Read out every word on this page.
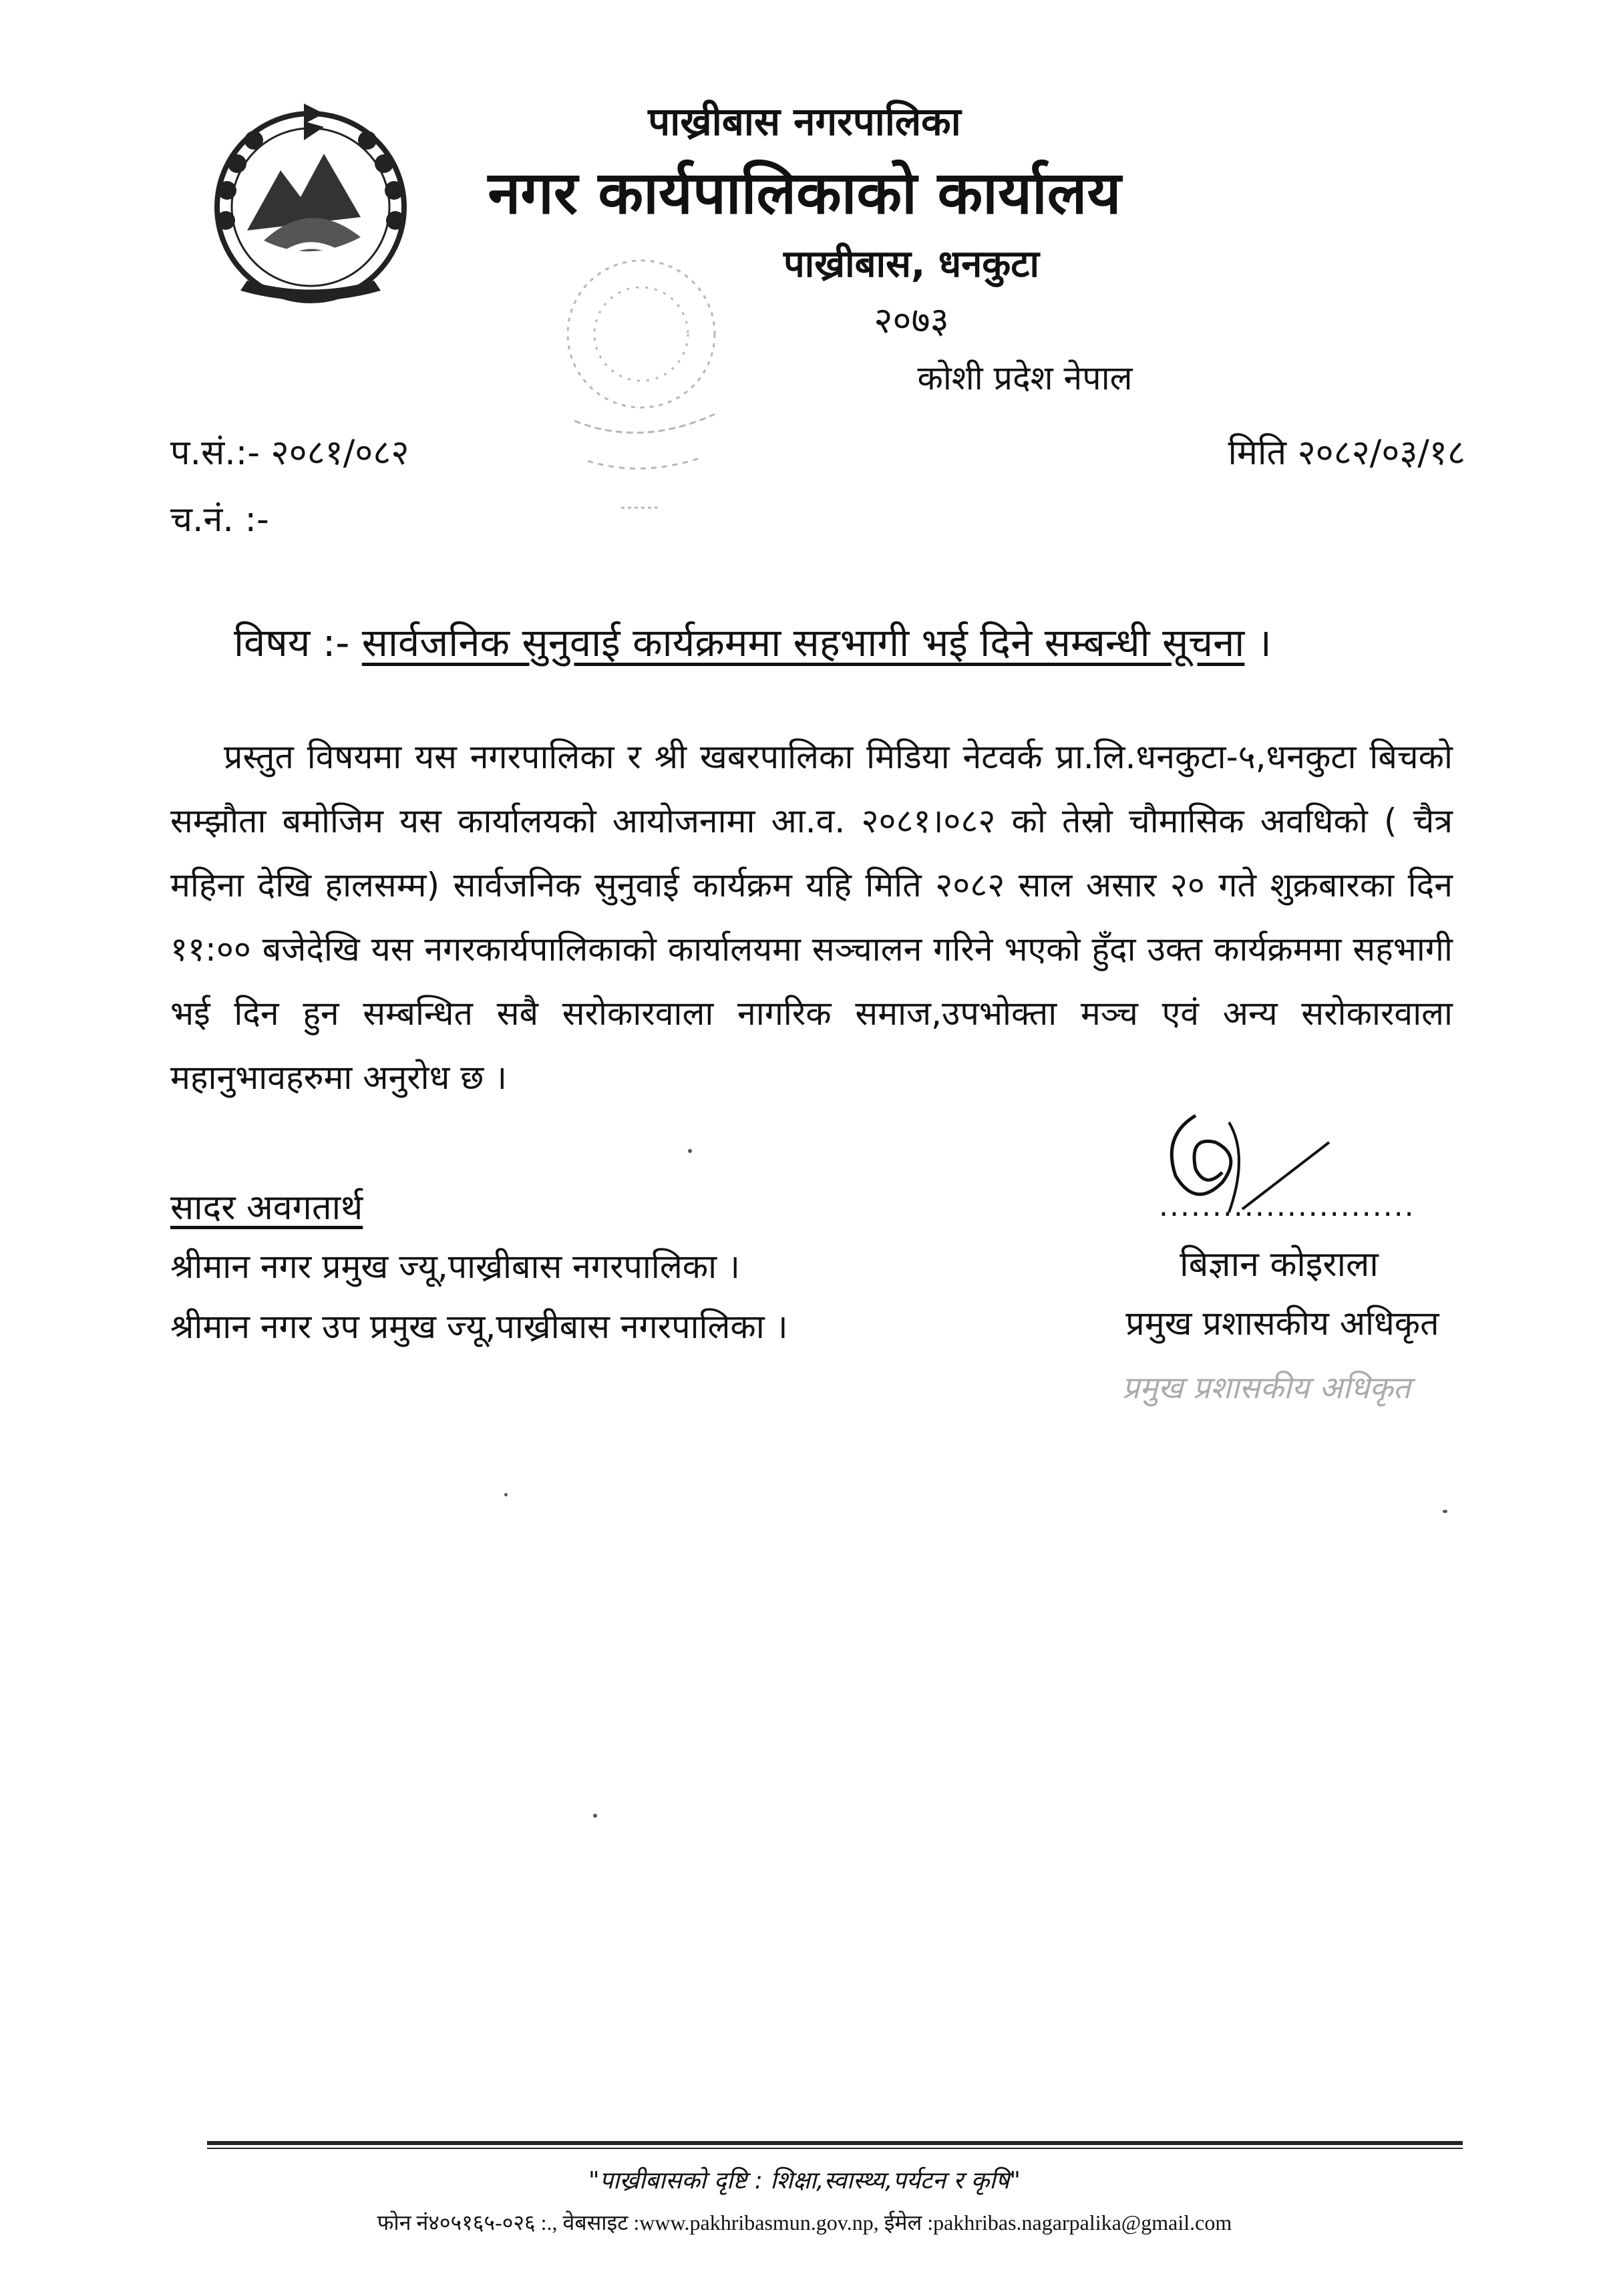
पाख्रीबास नगरपालिका
नगर कार्यपालिकाको कार्यालय
पाख्रीबास, धनकुटा
२०७३
कोशी प्रदेश नेपाल
प.सं.:- २०८१/०८२
च.नं. :-
मिति २०८२/०३/१८
विषय :- सार्वजनिक सुनुवाई कार्यक्रममा सहभागी भई दिने सम्बन्धी सूचना ।
प्रस्तुत विषयमा यस नगरपालिका र श्री खबरपालिका मिडिया नेटवर्क प्रा.लि.धनकुटा-५,धनकुटा बिचको सम्झौता बमोजिम यस कार्यालयको आयोजनामा आ.व. २०८१।०८२ को तेस्रो चौमासिक अवधिको ( चैत्र महिना देखि हालसम्म) सार्वजनिक सुनुवाई कार्यक्रम यहि मिति २०८२ साल असार २० गते शुक्रबारका दिन ११:०० बजेदेखि यस नगरकार्यपालिकाको कार्यालयमा सञ्चालन गरिने भएको हुँदा उक्त कार्यक्रममा सहभागी भई दिन हुन सम्बन्धित सबै सरोकारवाला नागरिक समाज,उपभोक्ता मञ्च एवं अन्य सरोकारवाला महानुभावहरुमा अनुरोध छ ।
सादर अवगतार्थ
श्रीमान नगर प्रमुख ज्यू,पाख्रीबास नगरपालिका ।
श्रीमान नगर उप प्रमुख ज्यू,पाख्रीबास नगरपालिका ।
........................
बिज्ञान कोइराला
प्रमुख प्रशासकीय अधिकृत
प्रमुख प्रशासकीय अधिकृत
"पाख्रीबासको दृष्टि : शिक्षा,स्वास्थ्य,पर्यटन र कृषि"
फोन नं४०५१६५-०२६ :., वेबसाइट :www.pakhribasmun.gov.np, ईमेल :pakhribas.nagarpalika@gmail.com
